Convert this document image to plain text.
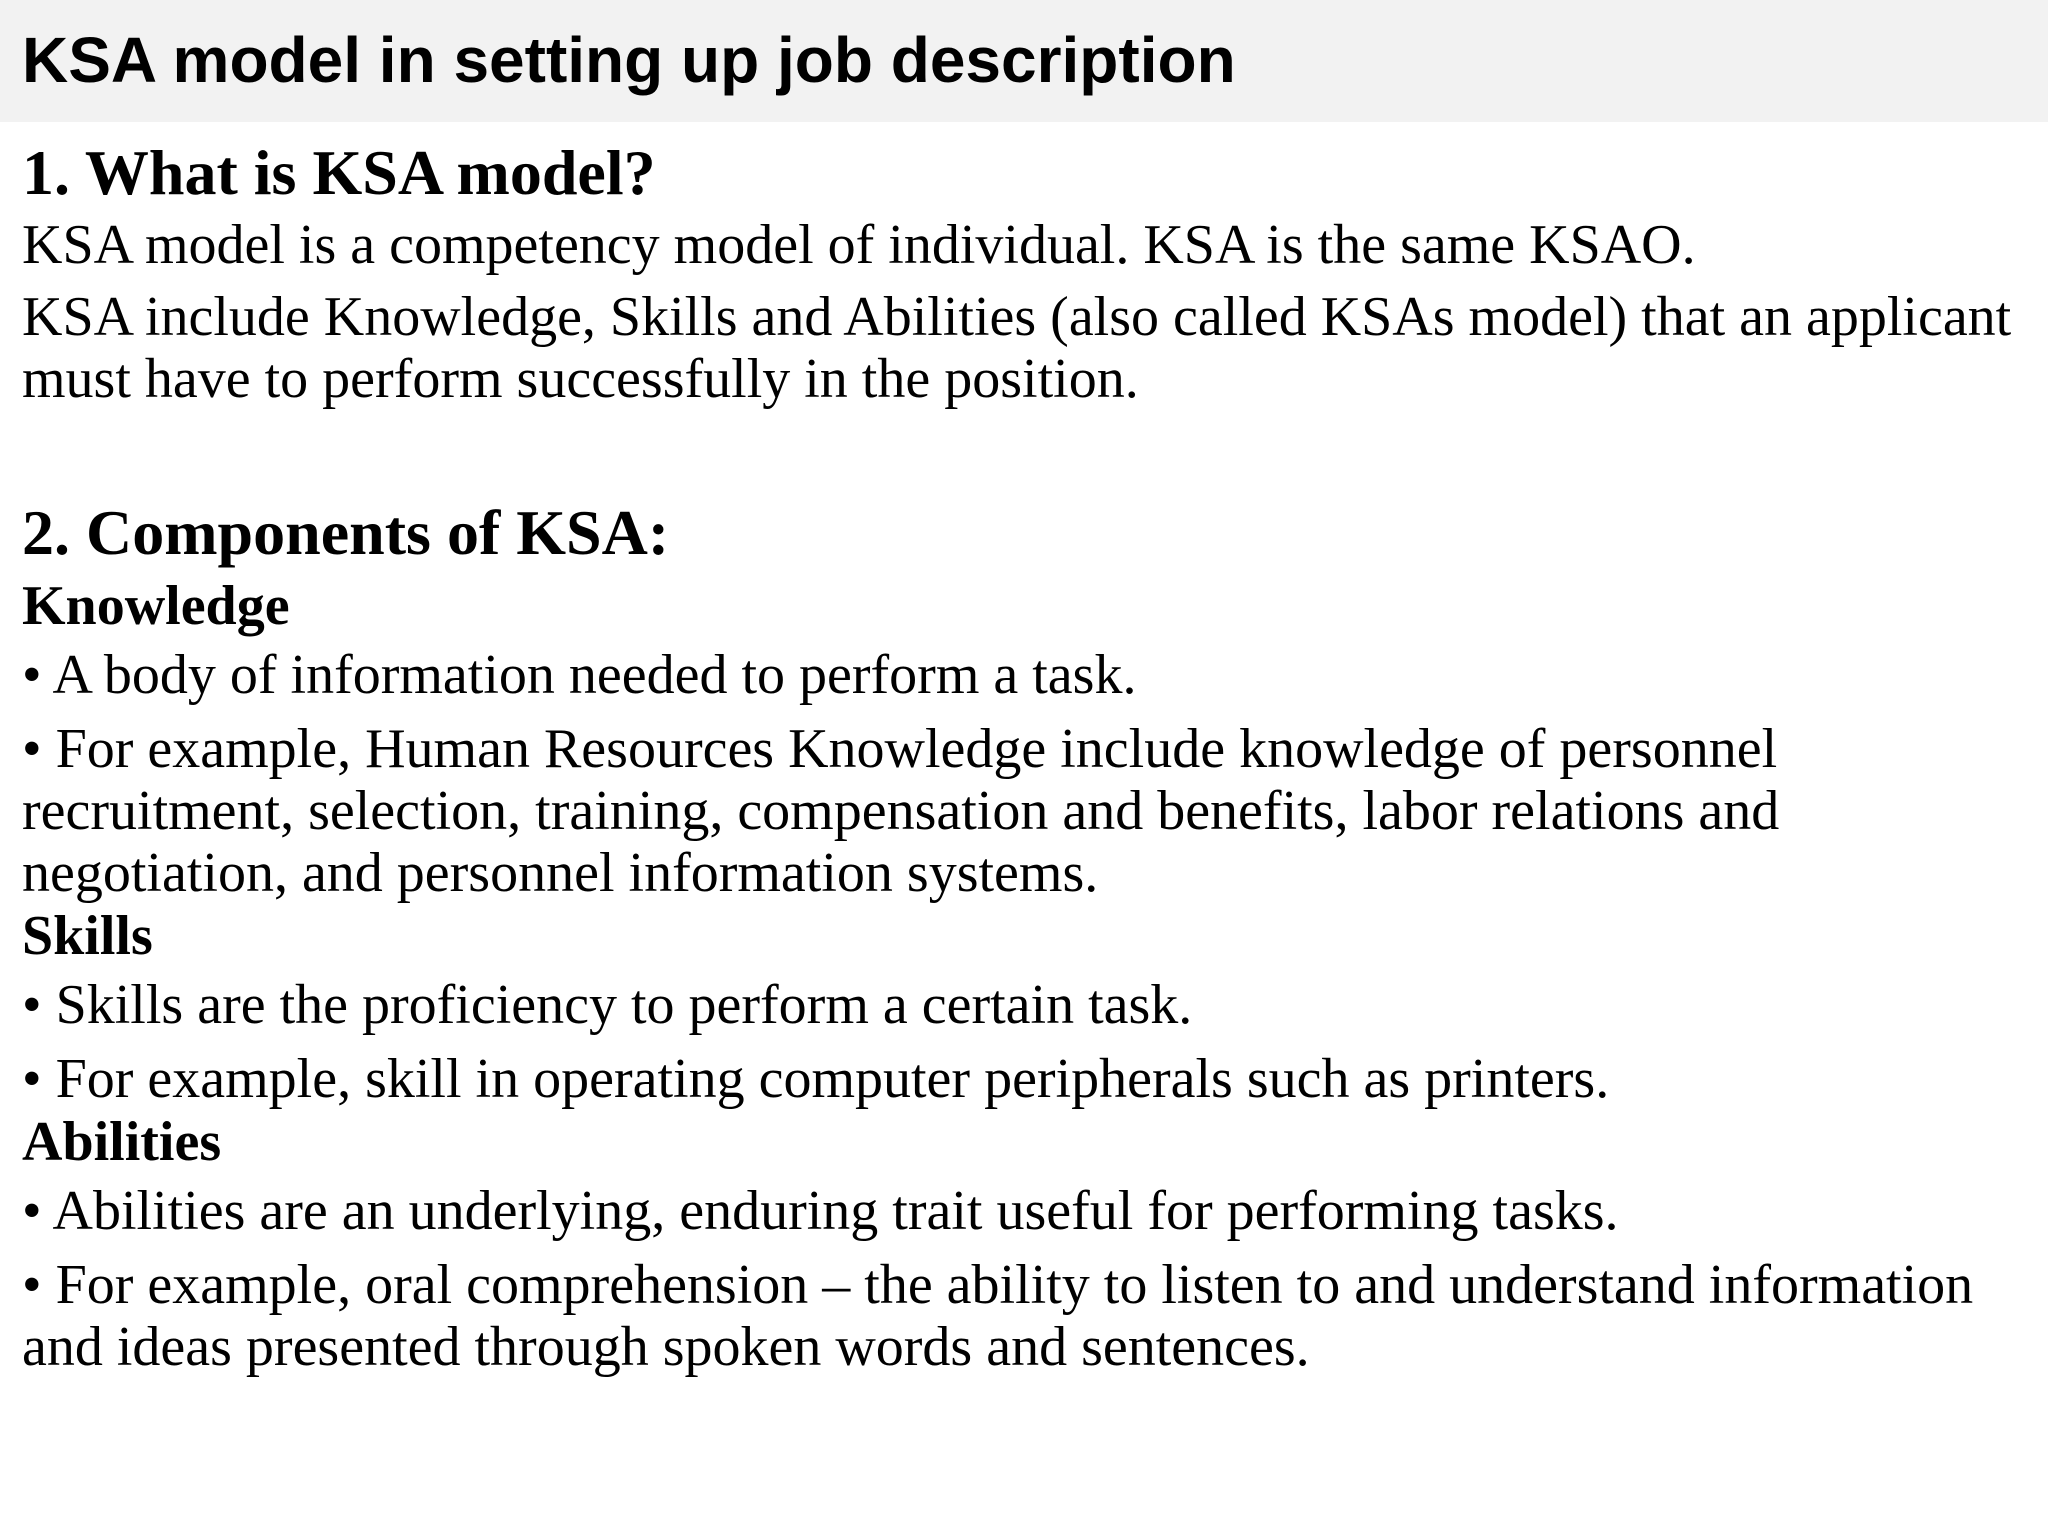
KSA model in setting up job description
1. What is KSA model?
KSA model is a competency model of individual. KSA is the same KSAO.
KSA include Knowledge, Skills and Abilities (also called KSAs model) that an applicant must have to perform successfully in the position.
2. Components of KSA:
Knowledge
• A body of information needed to perform a task.
• For example, Human Resources Knowledge include knowledge of personnel recruitment, selection, training, compensation and benefits, labor relations and negotiation, and personnel information systems.
Skills
• Skills are the proficiency to perform a certain task.
• For example, skill in operating computer peripherals such as printers.
Abilities
• Abilities are an underlying, enduring trait useful for performing tasks.
• For example, oral comprehension – the ability to listen to and understand information and ideas presented through spoken words and sentences.
